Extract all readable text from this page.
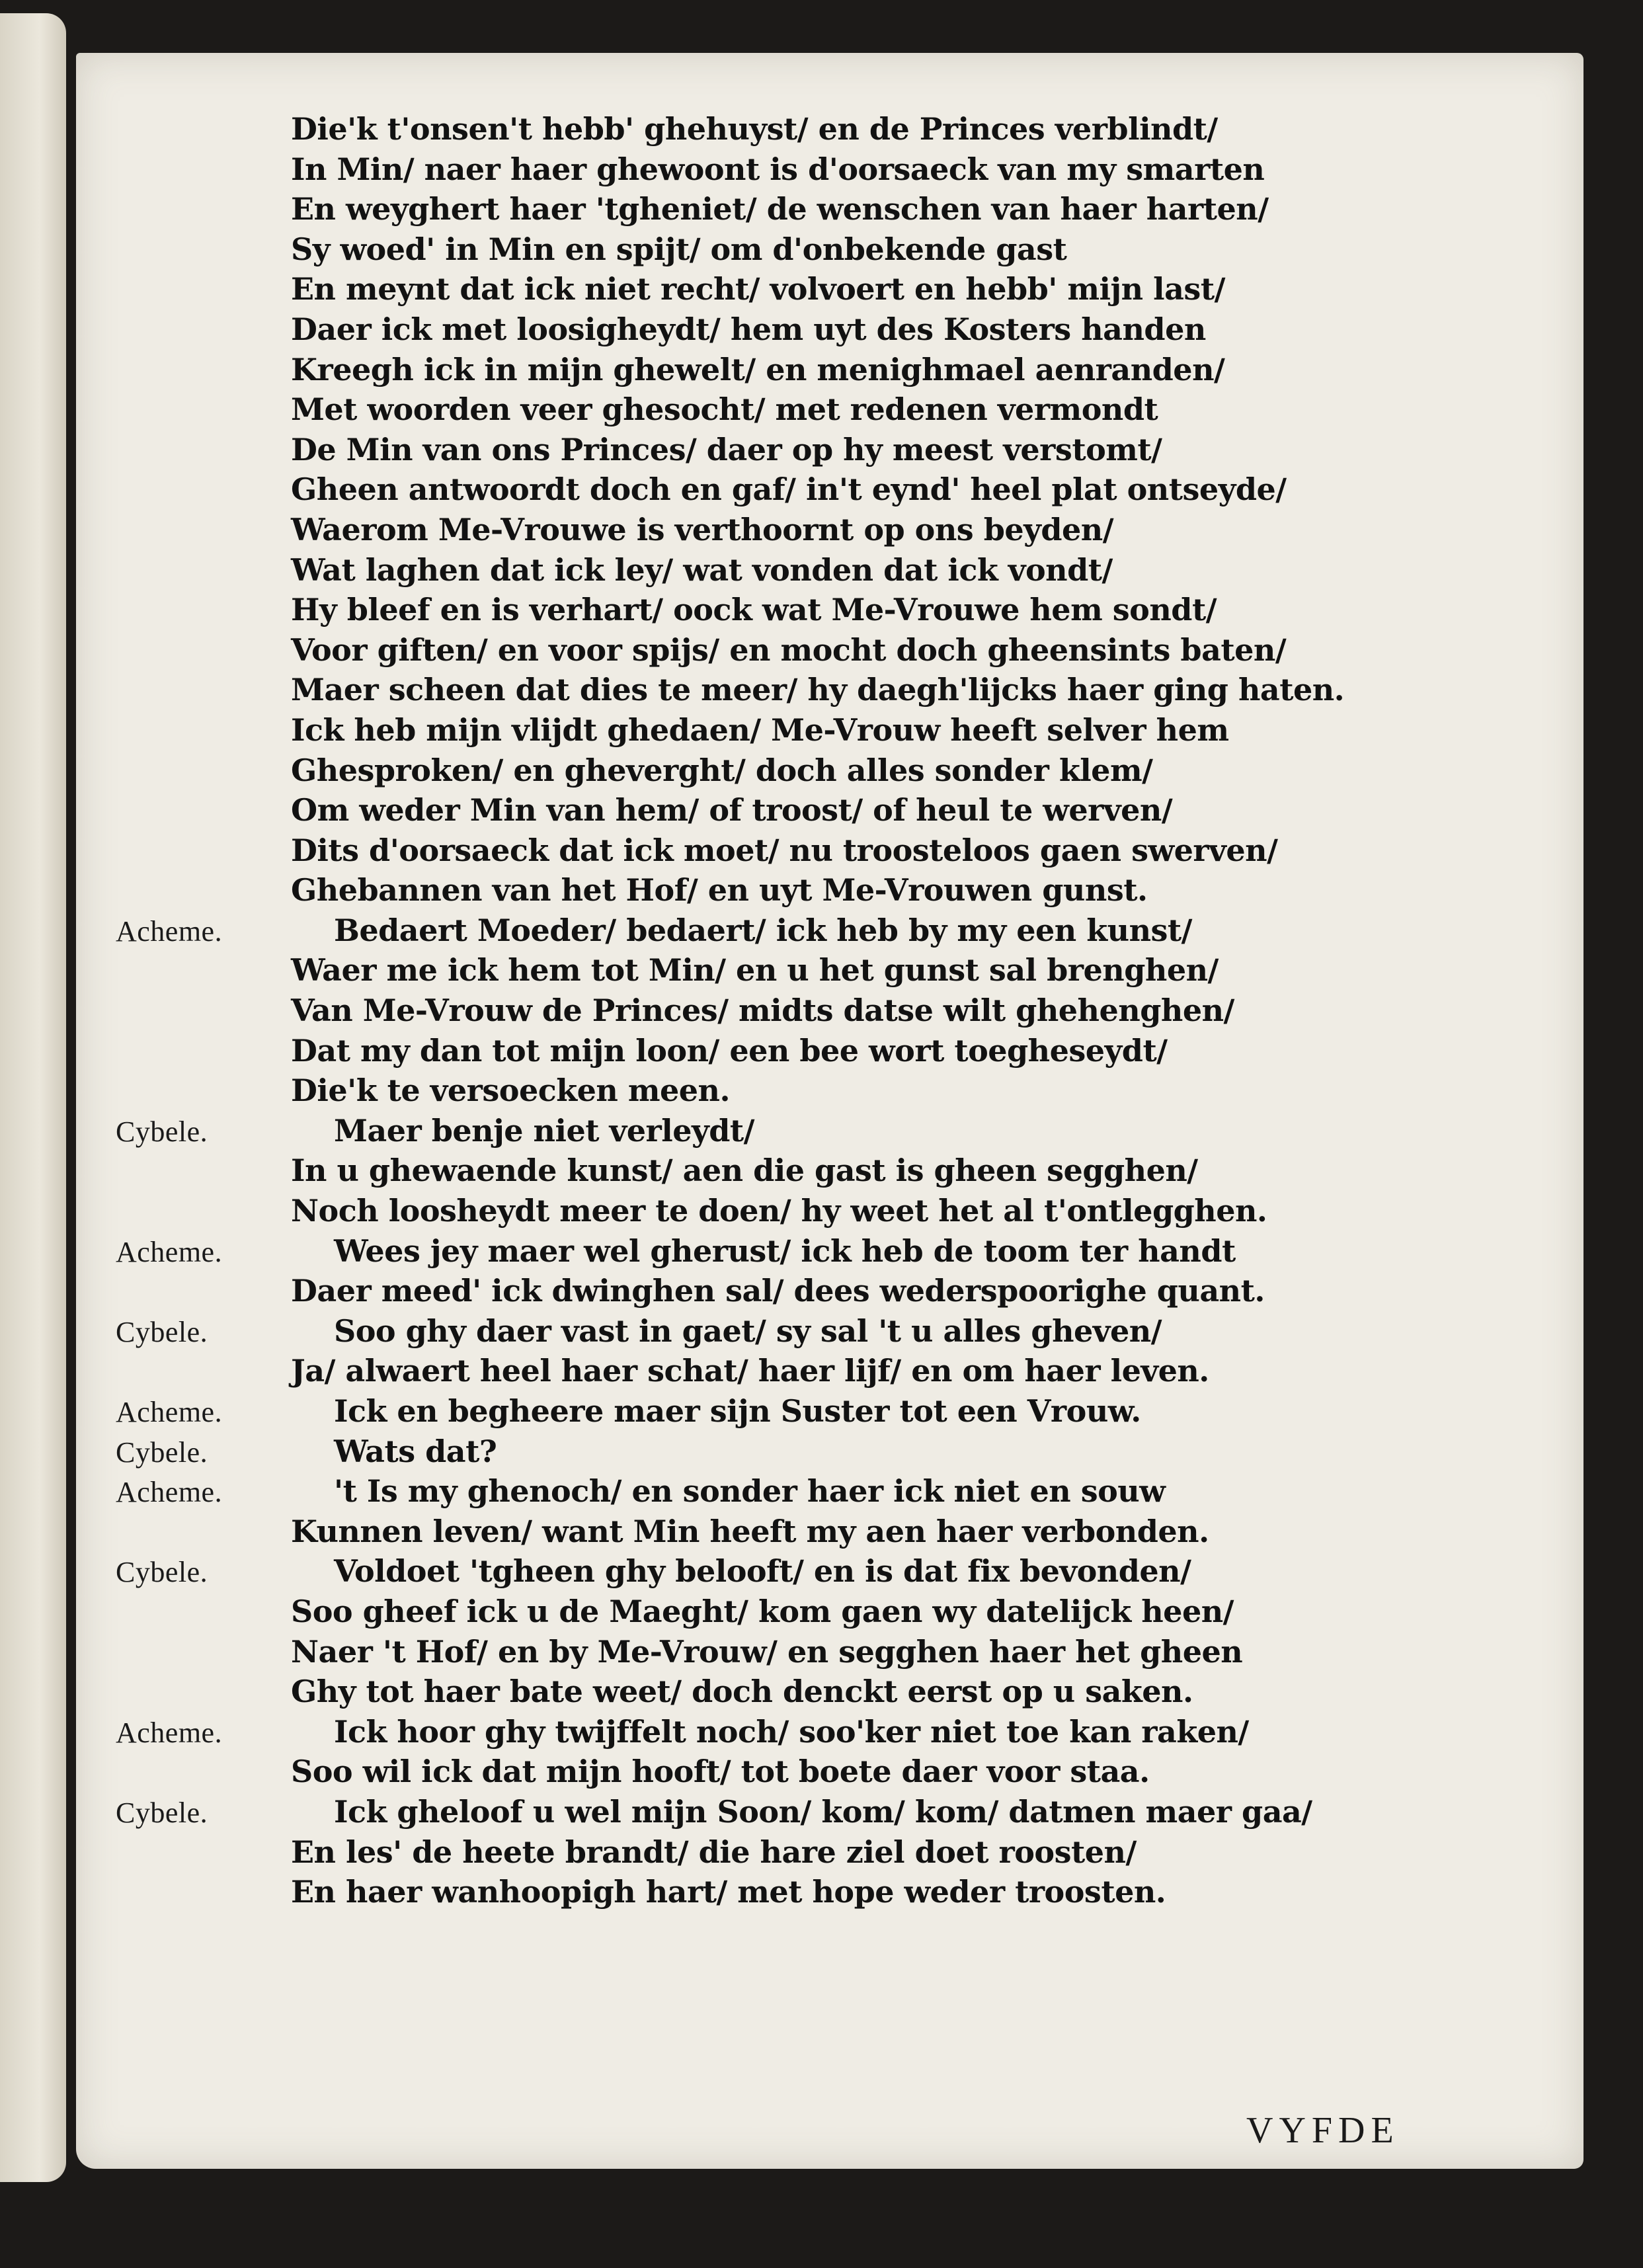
Die'k t'onsen't hebb' ghehuyst/ en de Princes verblindt/
In Min/ naer haer ghewoont is d'oorsaeck van my smarten
En weyghert haer 'tgheniet/ de wenschen van haer harten/
Sy woed' in Min en spijt/ om d'onbekende gast
En meynt dat ick niet recht/ volvoert en hebb' mijn last/
Daer ick met loosigheydt/ hem uyt des Kosters handen
Kreegh ick in mijn ghewelt/ en menighmael aenranden/
Met woorden veer ghesocht/ met redenen vermondt
De Min van ons Princes/ daer op hy meest verstomt/
Gheen antwoordt doch en gaf/ in't eynd' heel plat ontseyde/
Waerom Me-Vrouwe is verthoornt op ons beyden/
Wat laghen dat ick ley/ wat vonden dat ick vondt/
Hy bleef en is verhart/ oock wat Me-Vrouwe hem sondt/
Voor giften/ en voor spijs/ en mocht doch gheensints baten/
Maer scheen dat dies te meer/ hy daegh'lijcks haer ging haten.
Ick heb mijn vlijdt ghedaen/ Me-Vrouw heeft selver hem
Ghesproken/ en gheverght/ doch alles sonder klem/
Om weder Min van hem/ of troost/ of heul te werven/
Dits d'oorsaeck dat ick moet/ nu troosteloos gaen swerven/
Ghebannen van het Hof/ en uyt Me-Vrouwen gunst.
Acheme.	Bedaert Moeder/ bedaert/ ick heb by my een kunst/
Waer me ick hem tot Min/ en u het gunst sal brenghen/
Van Me-Vrouw de Princes/ midts datse wilt ghehenghen/
Dat my dan tot mijn loon/ een bee wort toegheseydt/
Die'k te versoecken meen.
Cybele.	Maer benje niet verleydt/
In u ghewaende kunst/ aen die gast is gheen segghen/
Noch loosheydt meer te doen/ hy weet het al t'ontlegghen.
Acheme.	Wees jey maer wel gherust/ ick heb de toom ter handt
Daer meed' ick dwinghen sal/ dees wederspoorighe quant.
Cybele.	Soo ghy daer vast in gaet/ sy sal 't u alles gheven/
Ja/ alwaert heel haer schat/ haer lijf/ en om haer leven.
Acheme.	Ick en begheere maer sijn Suster tot een Vrouw.
Cybele.	Wats dat?
Acheme.	't Is my ghenoch/ en sonder haer ick niet en souw
Kunnen leven/ want Min heeft my aen haer verbonden.
Cybele.	Voldoet 'tgheen ghy belooft/ en is dat fix bevonden/
Soo gheef ick u de Maeght/ kom gaen wy datelijck heen/
Naer 't Hof/ en by Me-Vrouw/ en segghen haer het gheen
Ghy tot haer bate weet/ doch denckt eerst op u saken.
Acheme.	Ick hoor ghy twijffelt noch/ soo'ker niet toe kan raken/
Soo wil ick dat mijn hooft/ tot boete daer voor staa.
Cybele.	Ick gheloof u wel mijn Soon/ kom/ kom/ datmen maer gaa/
En les' de heete brandt/ die hare ziel doet roosten/
En haer wanhoopigh hart/ met hope weder troosten.
VYFDE
